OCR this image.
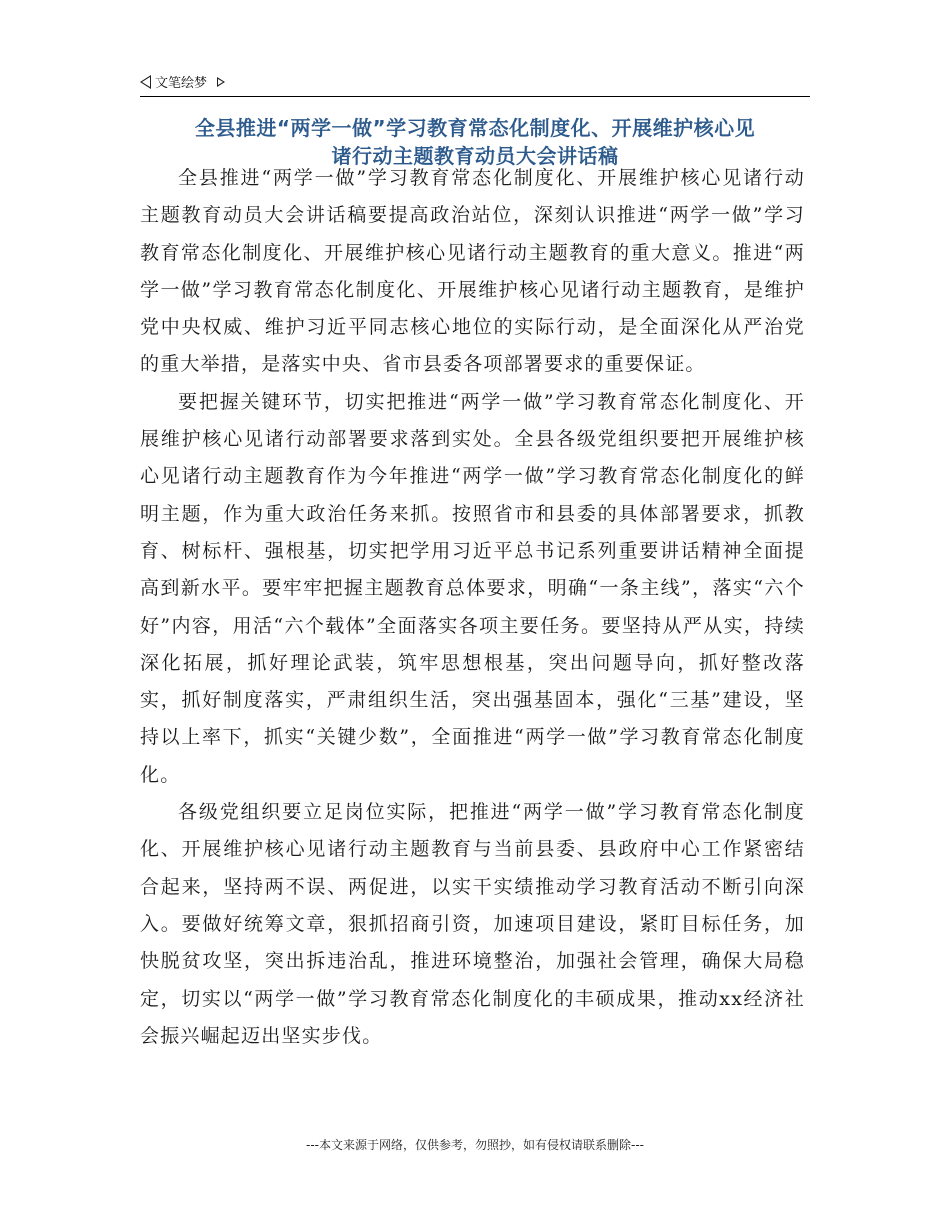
文笔绘梦
全县推进“两学一做”学习教育常态化制度化、开展维护核心见
诸行动主题教育动员大会讲话稿

全县推进“两学一做”学习教育常态化制度化、开展维护核心见诸行动主题教育动员大会讲话稿要提高政治站位，深刻认识推进“两学一做”学习教育常态化制度化、开展维护核心见诸行动主题教育的重大意义。推进“两学一做”学习教育常态化制度化、开展维护核心见诸行动主题教育，是维护党中央权威、维护习近平同志核心地位的实际行动，是全面深化从严治党的重大举措，是落实中央、省市县委各项部署要求的重要保证。

要把握关键环节，切实把推进“两学一做”学习教育常态化制度化、开展维护核心见诸行动部署要求落到实处。全县各级党组织要把开展维护核心见诸行动主题教育作为今年推进“两学一做”学习教育常态化制度化的鲜明主题，作为重大政治任务来抓。按照省市和县委的具体部署要求，抓教育、树标杆、强根基，切实把学用习近平总书记系列重要讲话精神全面提高到新水平。要牢牢把握主题教育总体要求，明确“一条主线”，落实“六个好”内容，用活“六个载体”全面落实各项主要任务。要坚持从严从实，持续深化拓展，抓好理论武装，筑牢思想根基，突出问题导向，抓好整改落实，抓好制度落实，严肃组织生活，突出强基固本，强化“三基”建设，坚持以上率下，抓实“关键少数”，全面推进“两学一做”学习教育常态化制度化。

各级党组织要立足岗位实际，把推进“两学一做”学习教育常态化制度化、开展维护核心见诸行动主题教育与当前县委、县政府中心工作紧密结合起来，坚持两不误、两促进，以实干实绩推动学习教育活动不断引向深入。要做好统筹文章，狠抓招商引资，加速项目建设，紧盯目标任务，加快脱贫攻坚，突出拆违治乱，推进环境整治，加强社会管理，确保大局稳定，切实以“两学一做”学习教育常态化制度化的丰硕成果，推动xx经济社会振兴崛起迈出坚实步伐。

---本文来源于网络，仅供参考，勿照抄，如有侵权请联系删除---
